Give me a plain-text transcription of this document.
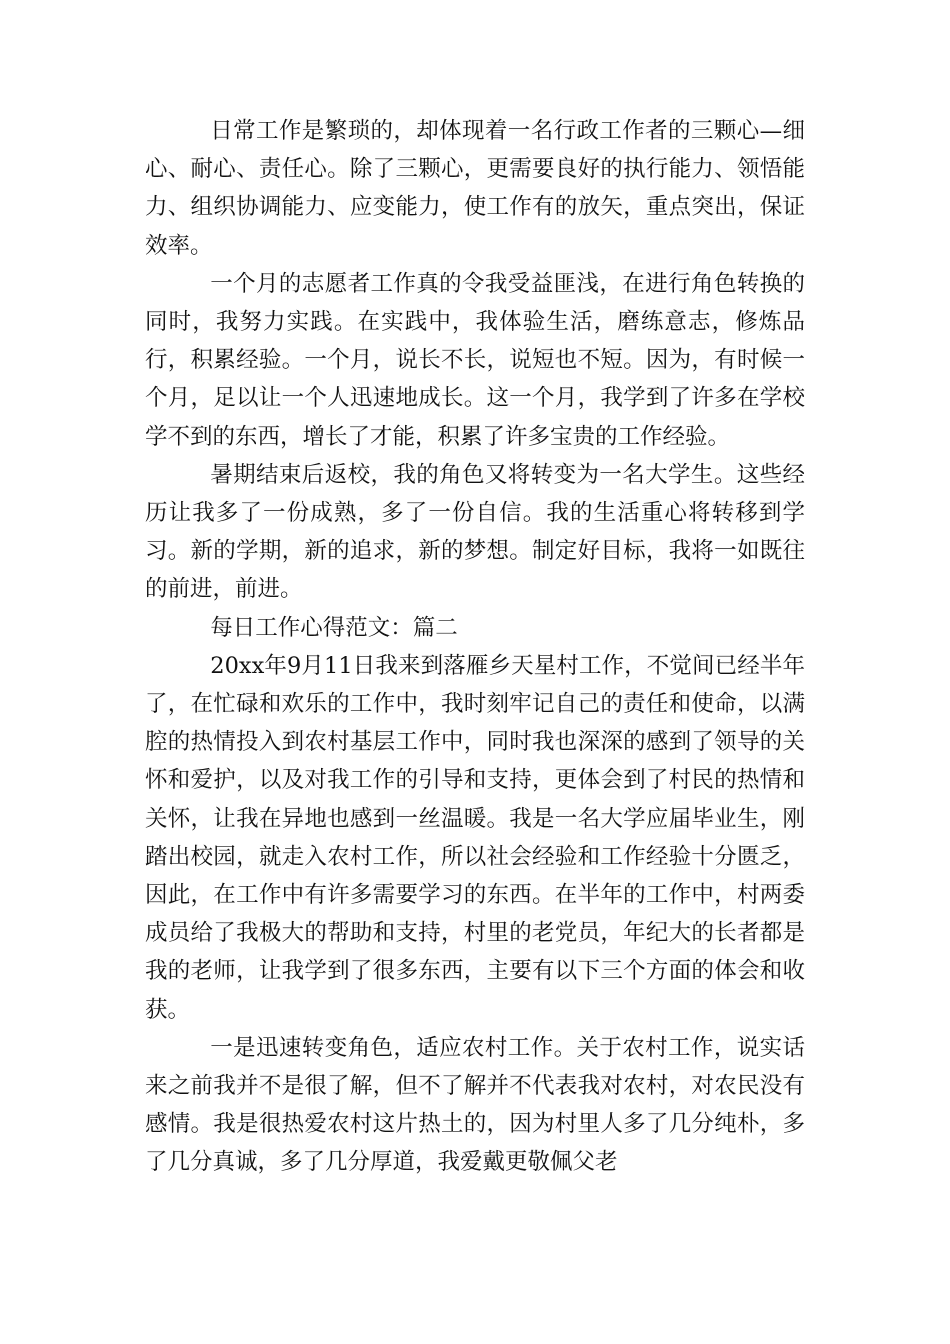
日常工作是繁琐的，却体现着一名行政工作者的三颗心—细心、耐心、责任心。除了三颗心，更需要良好的执行能力、领悟能力、组织协调能力、应变能力，使工作有的放矢，重点突出，保证效率。

一个月的志愿者工作真的令我受益匪浅，在进行角色转换的同时，我努力实践。在实践中，我体验生活，磨练意志，修炼品行，积累经验。一个月，说长不长，说短也不短。因为，有时候一个月，足以让一个人迅速地成长。这一个月，我学到了许多在学校学不到的东西，增长了才能，积累了许多宝贵的工作经验。

暑期结束后返校，我的角色又将转变为一名大学生。这些经历让我多了一份成熟，多了一份自信。我的生活重心将转移到学习。新的学期，新的追求，新的梦想。制定好目标，我将一如既往的前进，前进。

每日工作心得范文：篇二

20xx年9月11日我来到落雁乡天星村工作，不觉间已经半年了，在忙碌和欢乐的工作中，我时刻牢记自己的责任和使命，以满腔的热情投入到农村基层工作中，同时我也深深的感到了领导的关怀和爱护，以及对我工作的引导和支持，更体会到了村民的热情和关怀，让我在异地也感到一丝温暖。我是一名大学应届毕业生，刚踏出校园，就走入农村工作，所以社会经验和工作经验十分匮乏，因此，在工作中有许多需要学习的东西。在半年的工作中，村两委成员给了我极大的帮助和支持，村里的老党员，年纪大的长者都是我的老师，让我学到了很多东西，主要有以下三个方面的体会和收获。

一是迅速转变角色，适应农村工作。关于农村工作，说实话来之前我并不是很了解，但不了解并不代表我对农村，对农民没有感情。我是很热爱农村这片热土的，因为村里人多了几分纯朴，多了几分真诚，多了几分厚道，我爱戴更敬佩父老
